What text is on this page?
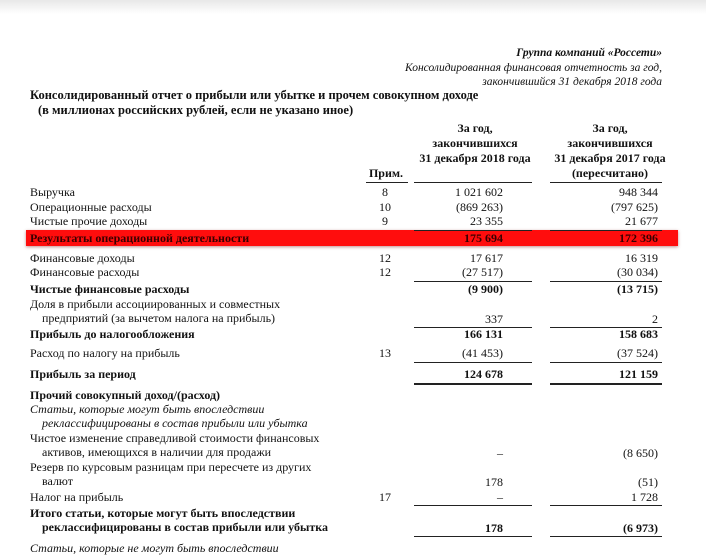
Группа компаний «Россети»
Консолидированная финансовая отчетность за год,
закончившийся 31 декабря 2018 года
Консолидированный отчет о прибыли или убытке и прочем совокупном доходе
(в миллионах российских рублей, если не указано иное)
За год,
закончившихся
31 декабря 2018 года
За год,
закончившихся
31 декабря 2017 года
(пересчитано)
Прим.
Выручка	8	1 021 602	948 344
Операционные расходы	10	(869 263)	(797 625)
Чистые прочие доходы	9	23 355	21 677
Результаты операционной деятельности	175 694	172 396
Финансовые доходы	12	17 617	16 319
Финансовые расходы	12	(27 517)	(30 034)
Чистые финансовые расходы	(9 900)	(13 715)
Доля в прибыли ассоциированных и совместных
предприятий (за вычетом налога на прибыль)	337	2
Прибыль до налогообложения	166 131	158 683
Расход по налогу на прибыль	13	(41 453)	(37 524)
Прибыль за период	124 678	121 159
Прочий совокупный доход/(расход)
Статьи, которые могут быть впоследствии
реклассифицированы в состав прибыли или убытка
Чистое изменение справедливой стоимости финансовых
активов, имеющихся в наличии для продажи	–	(8 650)
Резерв по курсовым разницам при пересчете из других
валют	178	(51)
Налог на прибыль	17	–	1 728
Итого статьи, которые могут быть впоследствии
реклассифицированы в состав прибыли или убытка	178	(6 973)
Статьи, которые не могут быть впоследствии
